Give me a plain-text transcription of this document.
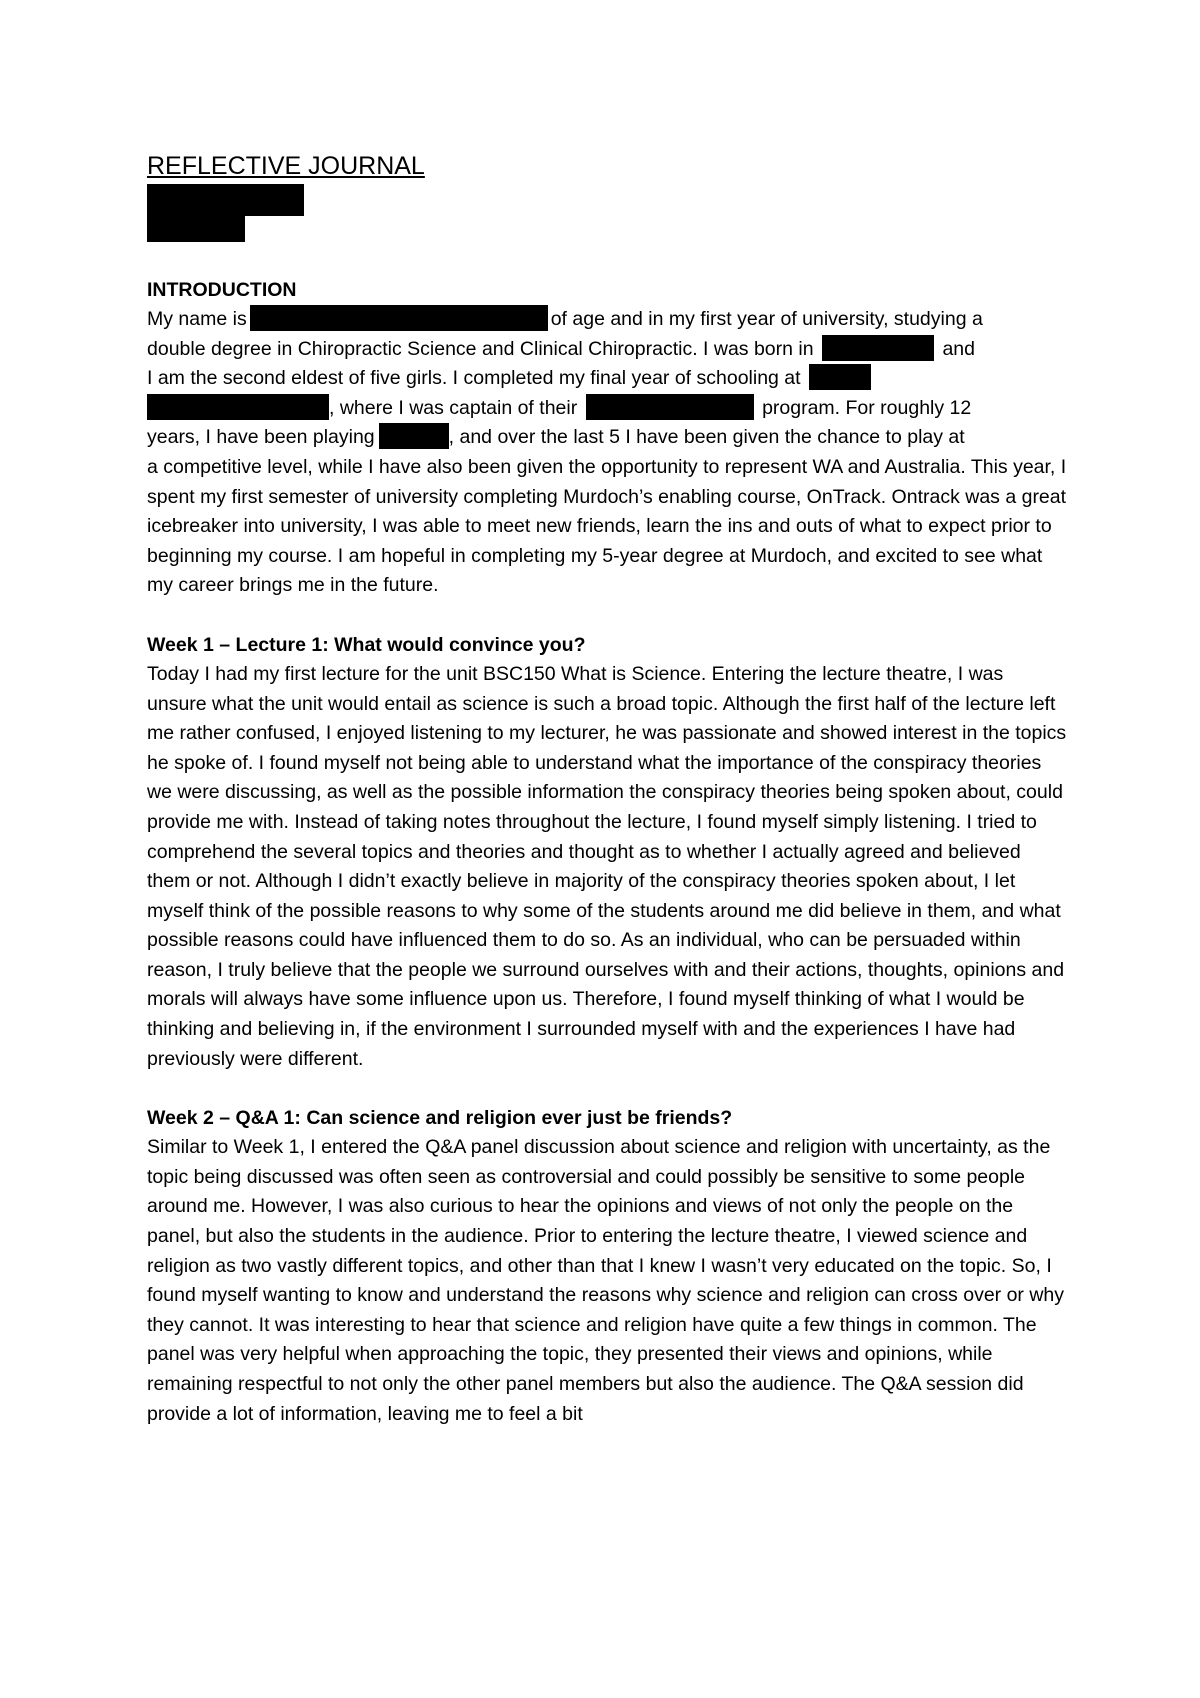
REFLECTIVE JOURNAL
INTRODUCTION

My name is	of age and in my first year of university, studying a
double degree in Chiropractic Science and Clinical Chiropractic. I was born in	and
I am the second eldest of five girls. I completed my final year of schooling at
, where I was captain of their	program. For roughly 12
years, I have been playing	, and over the last 5 I have been given the chance to play at
a competitive level, while I have also been given the opportunity to represent WA and Australia. This year, I spent my first semester of university completing Murdoch’s enabling course, OnTrack. Ontrack was a great icebreaker into university, I was able to meet new friends, learn the ins and outs of what to expect prior to beginning my course. I am hopeful in completing my 5-year degree at Murdoch, and excited to see what my career brings me in the future.

Week 1 – Lecture 1: What would convince you?

Today I had my first lecture for the unit BSC150 What is Science. Entering the lecture theatre, I was unsure what the unit would entail as science is such a broad topic. Although the first half of the lecture left me rather confused, I enjoyed listening to my lecturer, he was passionate and showed interest in the topics he spoke of. I found myself not being able to understand what the importance of the conspiracy theories we were discussing, as well as the possible information the conspiracy theories being spoken about, could provide me with. Instead of taking notes throughout the lecture, I found myself simply listening. I tried to comprehend the several topics and theories and thought as to whether I actually agreed and believed them or not. Although I didn’t exactly believe in majority of the conspiracy theories spoken about, I let myself think of the possible reasons to why some of the students around me did believe in them, and what possible reasons could have influenced them to do so. As an individual, who can be persuaded within reason, I truly believe that the people we surround ourselves with and their actions, thoughts, opinions and morals will always have some influence upon us. Therefore, I found myself thinking of what I would be thinking and believing in, if the environment I surrounded myself with and the experiences I have had previously were different.

Week 2 – Q&A 1: Can science and religion ever just be friends?

Similar to Week 1, I entered the Q&A panel discussion about science and religion with uncertainty, as the topic being discussed was often seen as controversial and could possibly be sensitive to some people around me. However, I was also curious to hear the opinions and views of not only the people on the panel, but also the students in the audience. Prior to entering the lecture theatre, I viewed science and religion as two vastly different topics, and other than that I knew I wasn’t very educated on the topic. So, I found myself wanting to know and understand the reasons why science and religion can cross over or why they cannot. It was interesting to hear that science and religion have quite a few things in common. The panel was very helpful when approaching the topic, they presented their views and opinions, while remaining respectful to not only the other panel members but also the audience. The Q&A session did provide a lot of information, leaving me to feel a bit
